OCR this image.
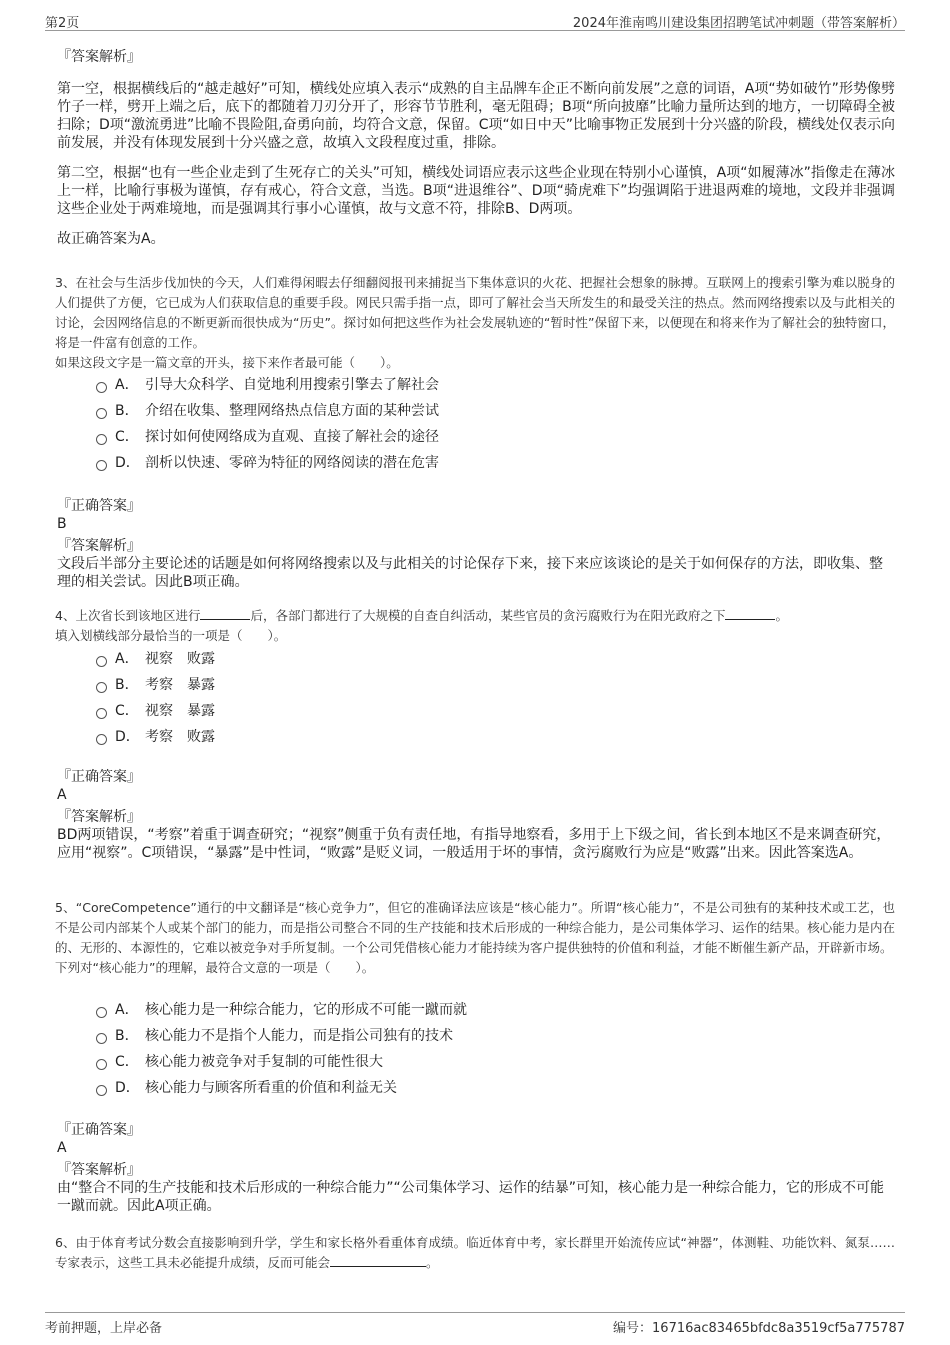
第2页	2024年淮南鸣川建设集团招聘笔试冲刺题（带答案解析）

『答案解析』

第一空，根据横线后的“越走越好”可知，横线处应填入表示“成熟的自主品牌车企正不断向前发展”之意的词语，A项“势如破竹”形势像劈竹子一样，劈开上端之后，底下的都随着刀刃分开了，形容节节胜利，毫无阻碍；B项“所向披靡”比喻力量所达到的地方，一切障碍全被扫除；D项“激流勇进”比喻不畏险阻,奋勇向前，均符合文意，保留。C项“如日中天”比喻事物正发展到十分兴盛的阶段，横线处仅表示向前发展，并没有体现发展到十分兴盛之意，故填入文段程度过重，排除。

第二空，根据“也有一些企业走到了生死存亡的关头”可知，横线处词语应表示这些企业现在特别小心谨慎，A项“如履薄冰”指像走在薄冰上一样，比喻行事极为谨慎，存有戒心，符合文意，当选。B项“进退维谷”、D项“骑虎难下”均强调陷于进退两难的境地，文段并非强调这些企业处于两难境地，而是强调其行事小心谨慎，故与文意不符，排除B、D两项。

故正确答案为A。

3、在社会与生活步伐加快的今天，人们难得闲暇去仔细翻阅报刊来捕捉当下集体意识的火花、把握社会想象的脉搏。互联网上的搜索引擎为难以脱身的人们提供了方便，它已成为人们获取信息的重要手段。网民只需手指一点，即可了解社会当天所发生的和最受关注的热点。然而网络搜索以及与此相关的讨论，会因网络信息的不断更新而很快成为“历史”。探讨如何把这些作为社会发展轨迹的“暂时性”保留下来，以便现在和将来作为了解社会的独特窗口，将是一件富有创意的工作。

如果这段文字是一篇文章的开头，接下来作者最可能（　　）。

A． 引导大众科学、自觉地利用搜索引擎去了解社会
B． 介绍在收集、整理网络热点信息方面的某种尝试
C． 探讨如何使网络成为直观、直接了解社会的途径
D． 剖析以快速、零碎为特征的网络阅读的潜在危害

『正确答案』

B

『答案解析』

文段后半部分主要论述的话题是如何将网络搜索以及与此相关的讨论保存下来，接下来应该谈论的是关于如何保存的方法，即收集、整理的相关尝试。因此B项正确。

4、上次省长到该地区进行	后，各部门都进行了大规模的自查自纠活动，某些官员的贪污腐败行为在阳光政府之下	。

填入划横线部分最恰当的一项是（　　）。

A． 视察 败露
B． 考察 暴露
C． 视察 暴露
D． 考察 败露

『正确答案』

A

『答案解析』

BD两项错误，“考察”着重于调查研究；“视察”侧重于负有责任地，有指导地察看，多用于上下级之间，省长到本地区不是来调查研究，应用“视察”。C项错误，“暴露”是中性词，“败露”是贬义词，一般适用于坏的事情，贪污腐败行为应是“败露”出来。因此答案选A。

5、“CoreCompetence”通行的中文翻译是“核心竞争力”，但它的准确译法应该是“核心能力”。所谓“核心能力”，不是公司独有的某种技术或工艺，也不是公司内部某个人或某个部门的能力，而是指公司整合不同的生产技能和技术后形成的一种综合能力，是公司集体学习、运作的结果。核心能力是内在的、无形的、本源性的，它难以被竞争对手所复制。一个公司凭借核心能力才能持续为客户提供独特的价值和利益，才能不断催生新产品，开辟新市场。

下列对“核心能力”的理解，最符合文意的一项是（　　）。

A． 核心能力是一种综合能力，它的形成不可能一蹴而就
B． 核心能力不是指个人能力，而是指公司独有的技术
C． 核心能力被竞争对手复制的可能性很大
D． 核心能力与顾客所看重的价值和利益无关

『正确答案』

A

『答案解析』

由“整合不同的生产技能和技术后形成的一种综合能力”“公司集体学习、运作的结暴”可知，核心能力是一种综合能力，它的形成不可能一蹴而就。因此A项正确。

6、由于体育考试分数会直接影响到升学，学生和家长格外看重体育成绩。临近体育中考，家长群里开始流传应试“神器”，体测鞋、功能饮料、氮泵……专家表示，这些工具未必能提升成绩，反而可能会	。

考前押题，上岸必备	编号：16716ac83465bfdc8a3519cf5a775787
